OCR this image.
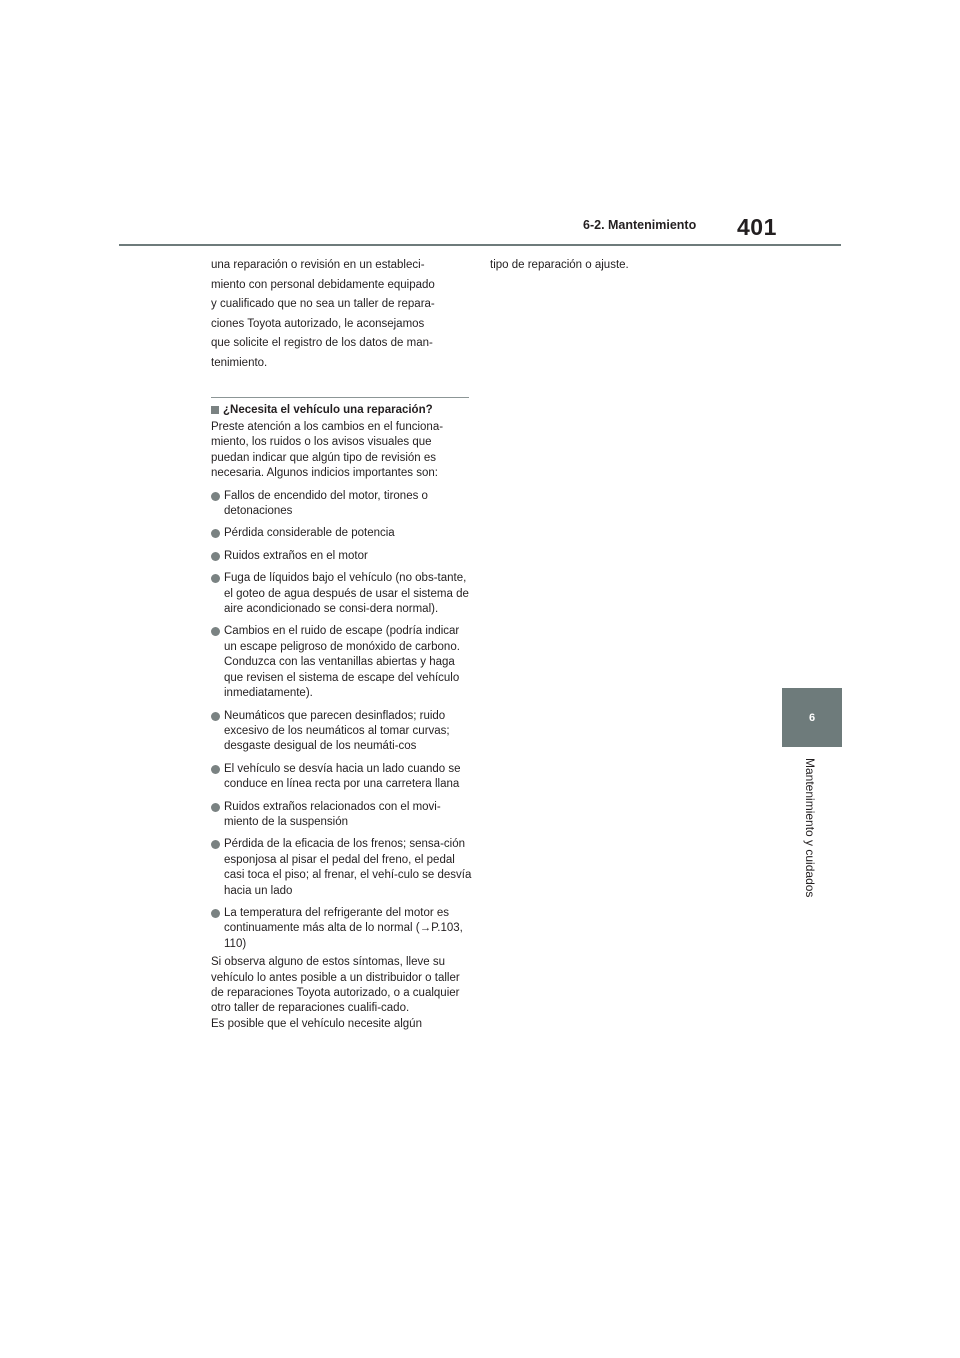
6-2. Mantenimiento 401
6
Mantenimiento y cuidados

una reparación o revisión en un estableci-

miento con personal debidamente equipado

y cualificado que no sea un taller de repara-

ciones Toyota autorizado, le aconsejamos

que solicite el registro de los datos de man-

tenimiento.

¿Necesita el vehículo una reparación?

Preste atención a los cambios en el funciona-miento, los ruidos o los avisos visuales que puedan indicar que algún tipo de revisión es necesaria. Algunos indicios importantes son:

Fallos de encendido del motor, tirones o detonaciones
Pérdida considerable de potencia
Ruidos extraños en el motor
Fuga de líquidos bajo el vehículo (no obs-tante, el goteo de agua después de usar el sistema de aire acondicionado se consi-dera normal).
Cambios en el ruido de escape (podría indicar un escape peligroso de monóxido de carbono. Conduzca con las ventanillas abiertas y haga que revisen el sistema de escape del vehículo inmediatamente).
Neumáticos que parecen desinflados; ruido excesivo de los neumáticos al tomar curvas; desgaste desigual de los neumáti-cos
El vehículo se desvía hacia un lado cuando se conduce en línea recta por una carretera llana
Ruidos extraños relacionados con el movi-miento de la suspensión
Pérdida de la eficacia de los frenos; sensa-ción esponjosa al pisar el pedal del freno, el pedal casi toca el piso; al frenar, el vehí-culo se desvía hacia un lado
La temperatura del refrigerante del motor es continuamente más alta de lo normal (→P.103, 110)

Si observa alguno de estos síntomas, lleve su vehículo lo antes posible a un distribuidor o taller de reparaciones Toyota autorizado, o a cualquier otro taller de reparaciones cualifi-cado.

Es posible que el vehículo necesite algún

tipo de reparación o ajuste.
